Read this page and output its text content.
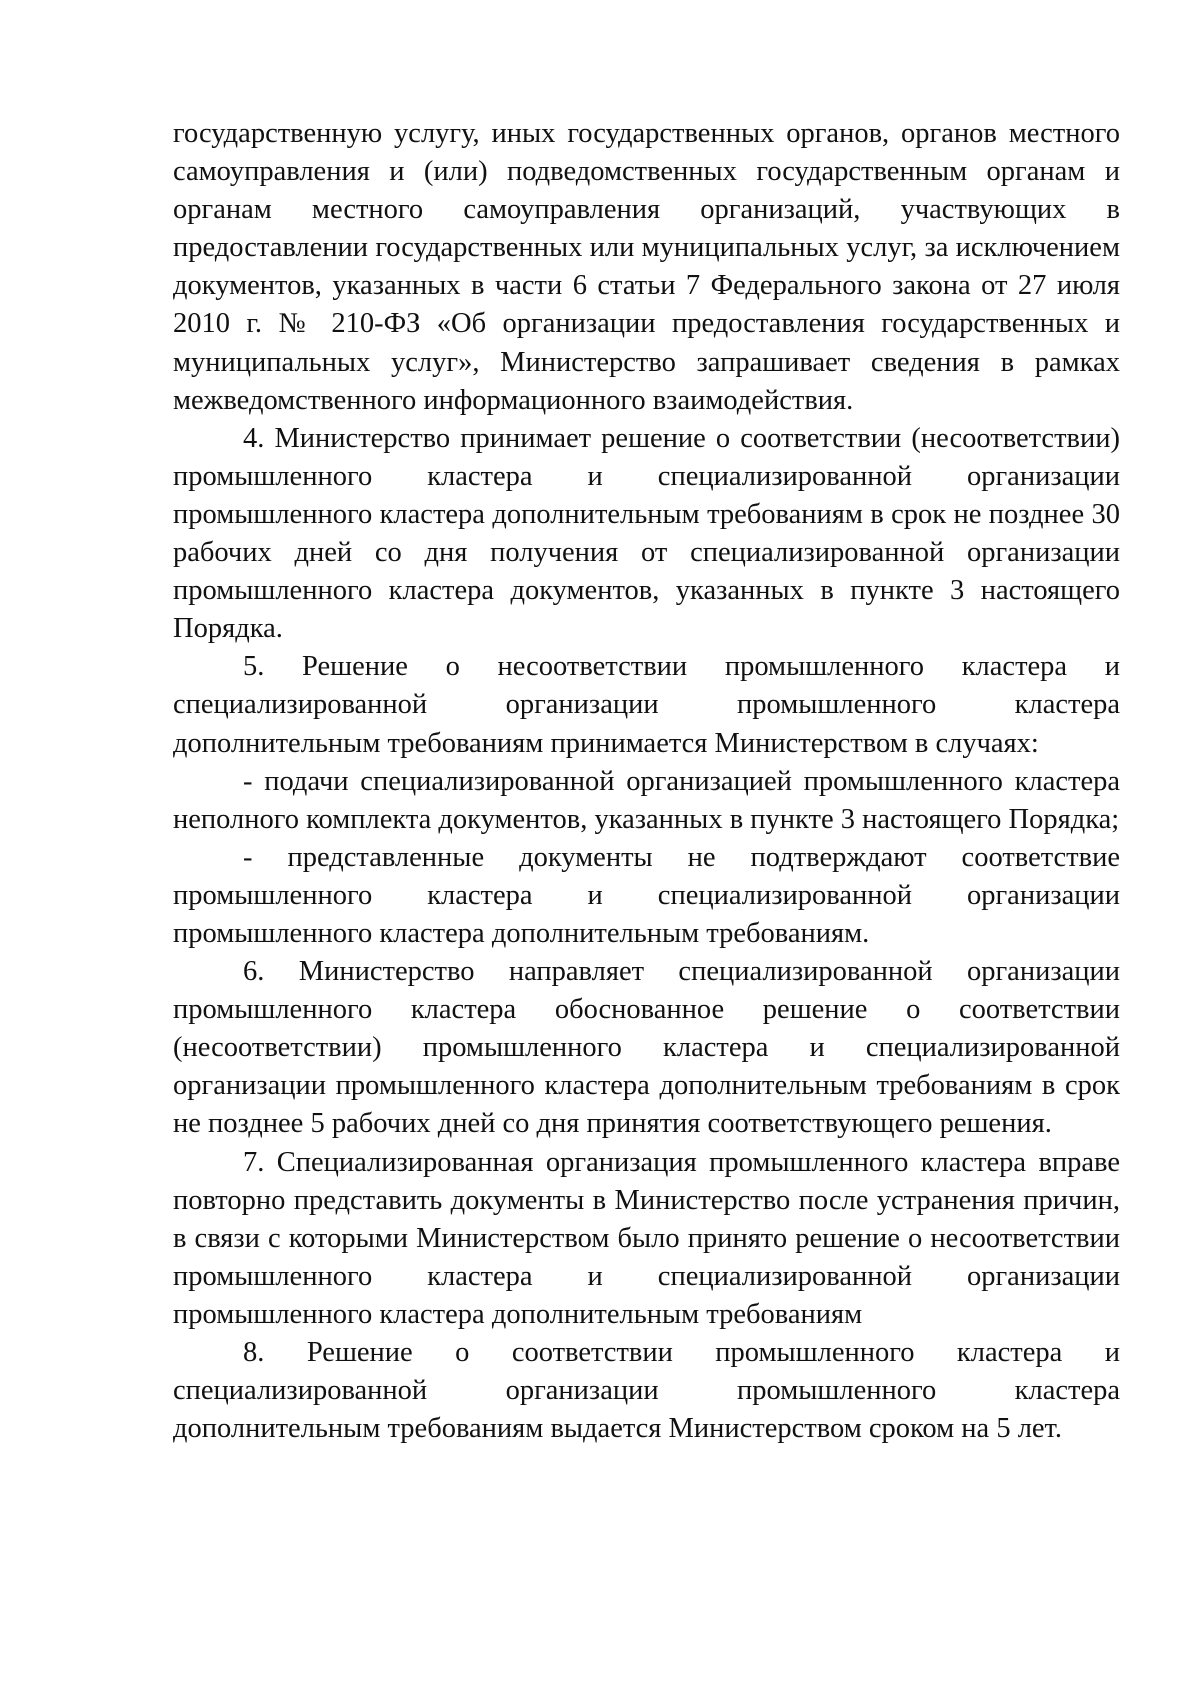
государственную услугу, иных государственных органов, органов местного самоуправления и (или) подведомственных государственным органам и органам местного самоуправления организаций, участвующих в предоставлении государственных или муниципальных услуг, за исключением документов, указанных в части 6 статьи 7 Федерального закона от 27 июля 2010 г. № 210-ФЗ «Об организации предоставления государственных и муниципальных услуг», Министерство запрашивает сведения в рамках межведомственного информационного взаимодействия.

4. Министерство принимает решение о соответствии (несоответствии) промышленного кластера и специализированной организации промышленного кластера дополнительным требованиям в срок не позднее 30 рабочих дней со дня получения от специализированной организации промышленного кластера документов, указанных в пункте 3 настоящего Порядка.

5. Решение о несоответствии промышленного кластера и специализированной организации промышленного кластера дополнительным требованиям принимается Министерством в случаях:

- подачи специализированной организацией промышленного кластера неполного комплекта документов, указанных в пункте 3 настоящего Порядка;

- представленные документы не подтверждают соответствие промышленного кластера и специализированной организации промышленного кластера дополнительным требованиям.

6. Министерство направляет специализированной организации промышленного кластера обоснованное решение о соответствии (несоответствии) промышленного кластера и специализированной организации промышленного кластера дополнительным требованиям в срок не позднее 5 рабочих дней со дня принятия соответствующего решения.

7. Специализированная организация промышленного кластера вправе повторно представить документы в Министерство после устранения причин, в связи с которыми Министерством было принято решение о несоответствии промышленного кластера и специализированной организации промышленного кластера дополнительным требованиям

8. Решение о соответствии промышленного кластера и специализированной организации промышленного кластера дополнительным требованиям выдается Министерством сроком на 5 лет.
